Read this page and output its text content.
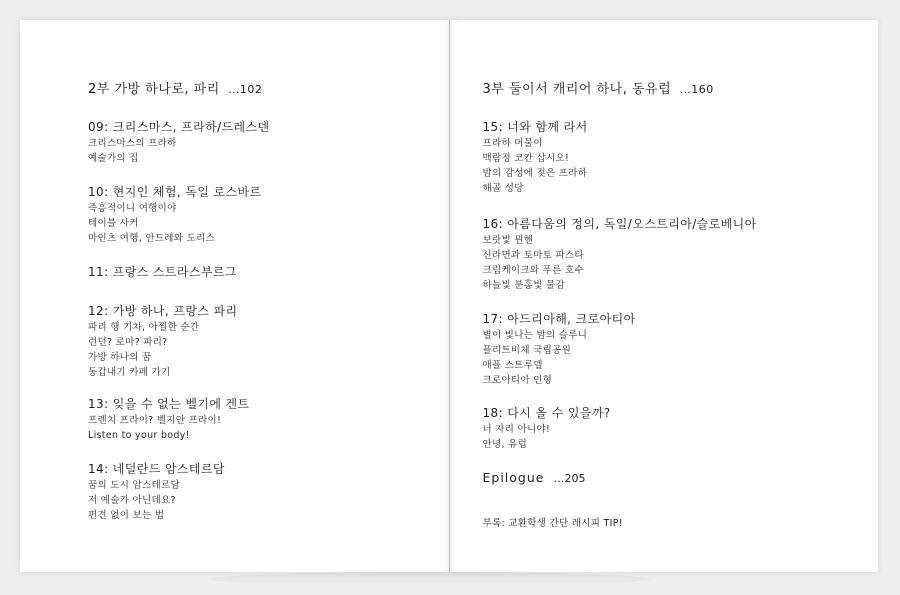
2부 가방 하나로, 파리 …102
09: 크리스마스, 프라하/드레스덴
크리스마스의 프라하
예술가의 집
10: 현지인 체험, 독일 로스바르
즉흥적이니 여행이야
테이블 사커
마인츠 여행, 안드레와 도리스
11: 프랑스 스트라스부르그
12: 가방 하나, 프랑스 파리
파리 행 기차, 아찔한 순간
런던? 로마? 파리?
가방 하나의 꿈
동갑내기 카페 가기
13: 잊을 수 없는 벨기에 겐트
프렌치 프라이? 벨지안 프라이!
Listen to your body!
14: 네덜란드 암스테르담
꿈의 도시 암스테르담
저 예술가 아닌데요?
편견 없이 보는 법
3부 둘이서 캐리어 하나, 동유럽 …160
15: 너와 함께 라서
프라하 머물이
맥람정 코칸 삽시오!
밤의 감성에 젖은 프라하
해골 성당
16: 아름다움의 정의, 독일/오스트리아/슬로베니아
보랏빛 뮌헨
신라면과 토마토 파스타
크림케이크와 푸른 호수
하늘빛 분홍빛 물감
17: 아드리아해, 크로아티아
별이 빛나는 밤의 슬루니
플리트비체 국립공원
애플 스트루델
크로아티아 인형
18: 다시 올 수 있을까?
너 자리 아니야!
안녕, 유럽
Epilogue …205
부록: 교환학생 간단 레시피 TIP!
